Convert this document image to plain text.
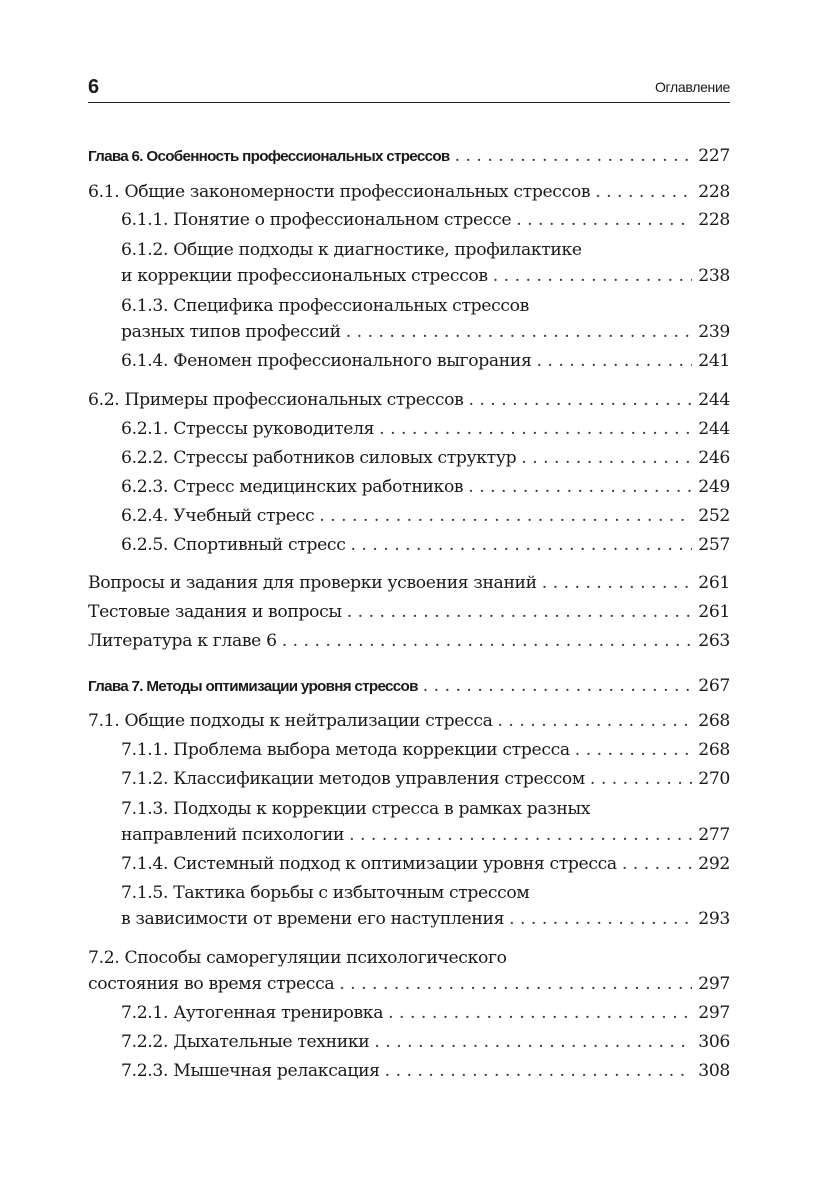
6	Оглавление
Глава 6. Особенность профессиональных стрессов . . .	227
6.1. Общие закономерности профессиональных стрессов . . .	228
6.1.1. Понятие о профессиональном стрессе . . .	228
6.1.2. Общие подходы к диагностике, профилактике
и коррекции профессиональных стрессов . . .	238
6.1.3. Специфика профессиональных стрессов
разных типов профессий . . .	239
6.1.4. Феномен профессионального выгорания . . .	241
6.2. Примеры профессиональных стрессов . . .	244
6.2.1. Стрессы руководителя . . .	244
6.2.2. Стрессы работников силовых структур . . .	246
6.2.3. Стресс медицинских работников . . .	249
6.2.4. Учебный стресс . . .	252
6.2.5. Спортивный стресс . . .	257
Вопросы и задания для проверки усвоения знаний . . .	261
Тестовые задания и вопросы . . .	261
Литература к главе 6 . . .	263
Глава 7. Методы оптимизации уровня стрессов . . .	267
7.1. Общие подходы к нейтрализации стресса . . .	268
7.1.1. Проблема выбора метода коррекции стресса . . .	268
7.1.2. Классификации методов управления стрессом . . .	270
7.1.3. Подходы к коррекции стресса в рамках разных
направлений психологии . . .	277
7.1.4. Системный подход к оптимизации уровня стресса . . .	292
7.1.5. Тактика борьбы с избыточным стрессом
в зависимости от времени его наступления . . .	293
7.2. Способы саморегуляции психологического
состояния во время стресса . . .	297
7.2.1. Аутогенная тренировка . . .	297
7.2.2. Дыхательные техники . . .	306
7.2.3. Мышечная релаксация . . .	308
